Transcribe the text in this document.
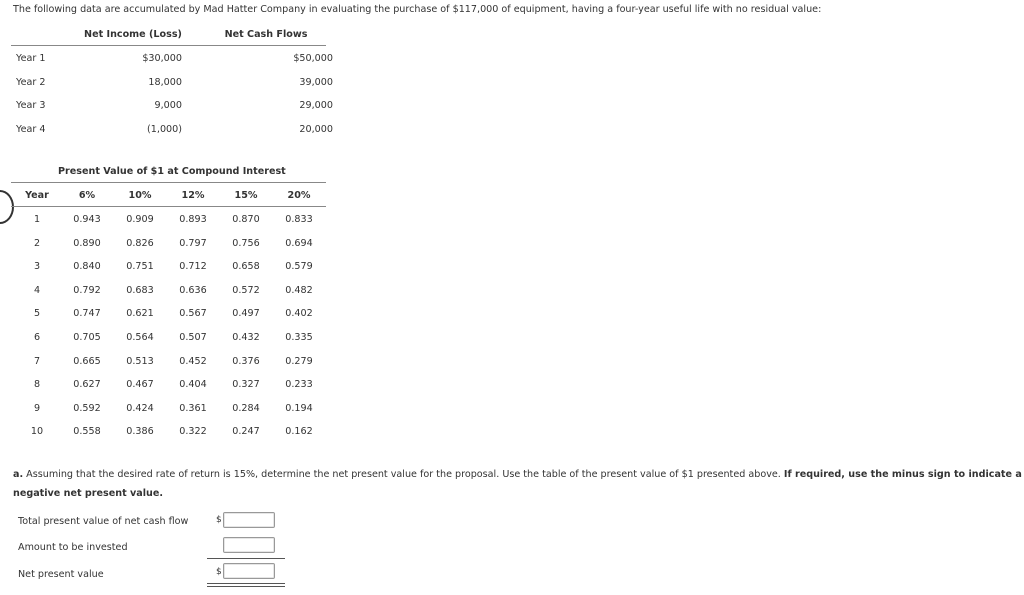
The following data are accumulated by Mad Hatter Company in evaluating the purchase of $117,000 of equipment, having a four-year useful life with no residual value:
Net Income (Loss)	Net Cash Flows
Year 1	$30,000	$50,000
Year 2	18,000	39,000
Year 3	9,000	29,000
Year 4	(1,000)	20,000
Present Value of $1 at Compound Interest
Year	6%	10%	12%	15%	20%
1	0.943	0.909	0.893	0.870	0.833
2	0.890	0.826	0.797	0.756	0.694
3	0.840	0.751	0.712	0.658	0.579
4	0.792	0.683	0.636	0.572	0.482
5	0.747	0.621	0.567	0.497	0.402
6	0.705	0.564	0.507	0.432	0.335
7	0.665	0.513	0.452	0.376	0.279
8	0.627	0.467	0.404	0.327	0.233
9	0.592	0.424	0.361	0.284	0.194
10	0.558	0.386	0.322	0.247	0.162
a. Assuming that the desired rate of return is 15%, determine the net present value for the proposal. Use the table of the present value of $1 presented above. If required, use the minus sign to indicate a
negative net present value.
Total present value of net cash flow	$
Amount to be invested
Net present value	$
